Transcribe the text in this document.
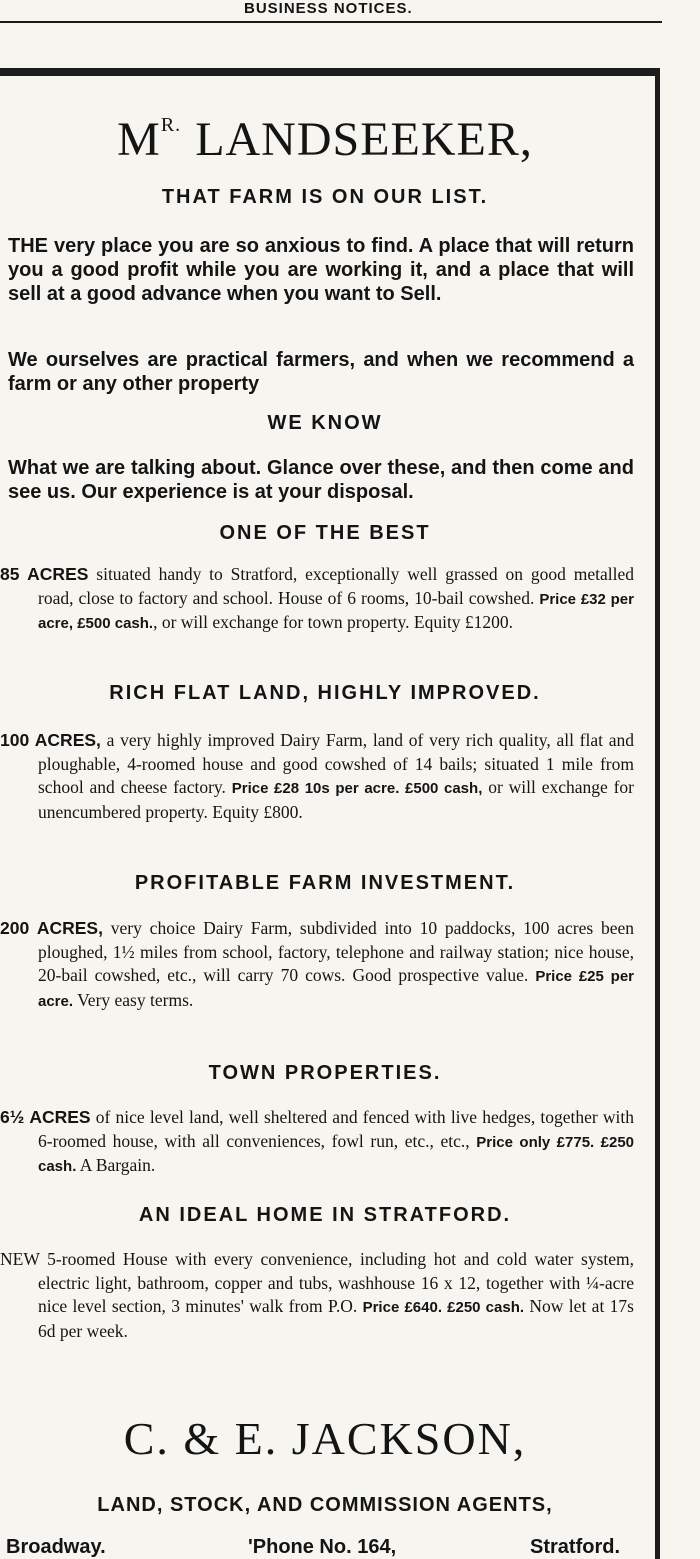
BUSINESS NOTICES.
$M^{R.}$ LANDSEEKER,
THAT FARM IS ON OUR LIST.
THE very place you are so anxious to find. A place that will return you a good profit while you are working it, and a place that will sell at a good advance when you want to Sell.
We ourselves are practical farmers, and when we recommend a farm or any other property
WE KNOW
What we are talking about. Glance over these, and then come and see us. Our experience is at your disposal.
ONE OF THE BEST
85 ACRES situated handy to Stratford, exceptionally well grassed on good metalled road, close to factory and school. House of 6 rooms, 10-bail cowshed. Price £32 per acre, £500 cash., or will exchange for town property. Equity £1200.
RICH FLAT LAND, HIGHLY IMPROVED.
100 ACRES, a very highly improved Dairy Farm, land of very rich quality, all flat and ploughable, 4-roomed house and good cowshed of 14 bails; situated 1 mile from school and cheese factory. Price £28 10s per acre. £500 cash, or will exchange for unencumbered property. Equity £800.
PROFITABLE FARM INVESTMENT.
200 ACRES, very choice Dairy Farm, subdivided into 10 paddocks, 100 acres been ploughed, 1½ miles from school, factory, telephone and railway station; nice house, 20-bail cowshed, etc., will carry 70 cows. Good prospective value. Price £25 per acre. Very easy terms.
TOWN PROPERTIES.
6½ ACRES of nice level land, well sheltered and fenced with live hedges, together with 6-roomed house, with all conveniences, fowl run, etc., etc., Price only £775. £250 cash. A Bargain.
AN IDEAL HOME IN STRATFORD.
NEW 5-roomed House with every convenience, including hot and cold water system, electric light, bathroom, copper and tubs, washhouse 16 x 12, together with ¼-acre nice level section, 3 minutes' walk from P.O. Price £640. £250 cash. Now let at 17s 6d per week.
C. & E. JACKSON,
LAND, STOCK, AND COMMISSION AGENTS,
Broadway.	'Phone No. 164,	Stratford.
